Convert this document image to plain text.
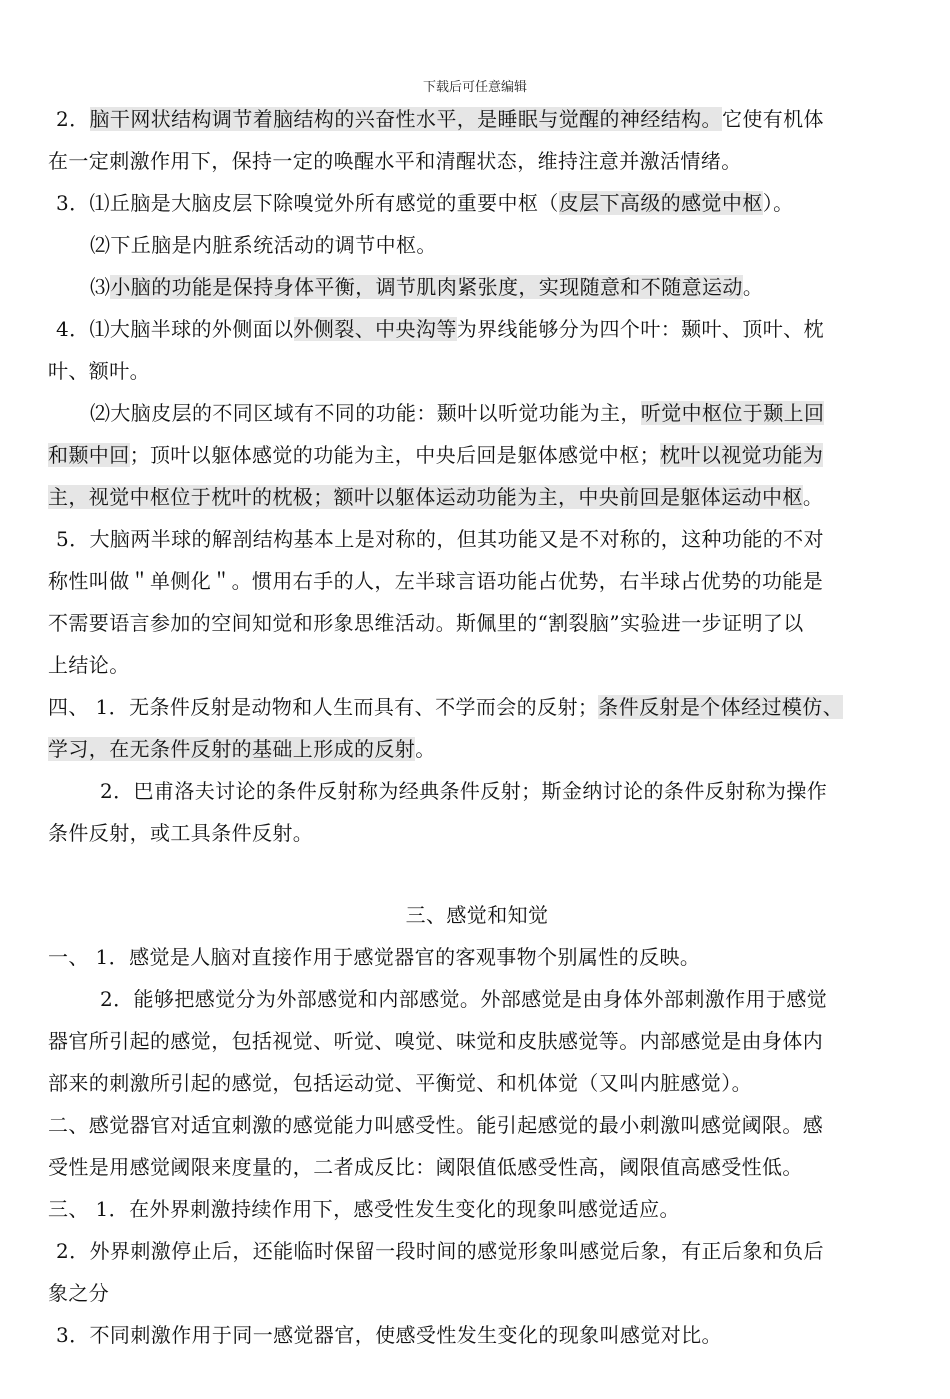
下载后可任意编辑
2．脑干网状结构调节着脑结构的兴奋性水平，是睡眠与觉醒的神经结构。它使有机体
在一定刺激作用下，保持一定的唤醒水平和清醒状态，维持注意并激活情绪。
3．⑴丘脑是大脑皮层下除嗅觉外所有感觉的重要中枢（皮层下高级的感觉中枢）。
⑵下丘脑是内脏系统活动的调节中枢。
⑶小脑的功能是保持身体平衡，调节肌肉紧张度，实现随意和不随意运动。
4．⑴大脑半球的外侧面以外侧裂、中央沟等为界线能够分为四个叶：颞叶、顶叶、枕
叶、额叶。
⑵大脑皮层的不同区域有不同的功能：颞叶以听觉功能为主，听觉中枢位于颞上回
和颞中回；顶叶以躯体感觉的功能为主，中央后回是躯体感觉中枢；枕叶以视觉功能为
主，视觉中枢位于枕叶的枕极；额叶以躯体运动功能为主，中央前回是躯体运动中枢。
5．大脑两半球的解剖结构基本上是对称的，但其功能又是不对称的，这种功能的不对
称性叫做＂单侧化＂。惯用右手的人，左半球言语功能占优势，右半球占优势的功能是
不需要语言参加的空间知觉和形象思维活动。斯佩里的“割裂脑”实验进一步证明了以
上结论。
四、 1．无条件反射是动物和人生而具有、不学而会的反射；条件反射是个体经过模仿、
学习，在无条件反射的基础上形成的反射。
2．巴甫洛夫讨论的条件反射称为经典条件反射；斯金纳讨论的条件反射称为操作
条件反射，或工具条件反射。
三、感觉和知觉
一、 1．感觉是人脑对直接作用于感觉器官的客观事物个别属性的反映。
2．能够把感觉分为外部感觉和内部感觉。外部感觉是由身体外部刺激作用于感觉
器官所引起的感觉，包括视觉、听觉、嗅觉、味觉和皮肤感觉等。内部感觉是由身体内
部来的刺激所引起的感觉，包括运动觉、平衡觉、和机体觉（又叫内脏感觉）。
二、感觉器官对适宜刺激的感觉能力叫感受性。能引起感觉的最小刺激叫感觉阈限。感
受性是用感觉阈限来度量的，二者成反比：阈限值低感受性高，阈限值高感受性低。
三、 1．在外界刺激持续作用下，感受性发生变化的现象叫感觉适应。
2．外界刺激停止后，还能临时保留一段时间的感觉形象叫感觉后象，有正后象和负后
象之分
3．不同刺激作用于同一感觉器官，使感受性发生变化的现象叫感觉对比。
